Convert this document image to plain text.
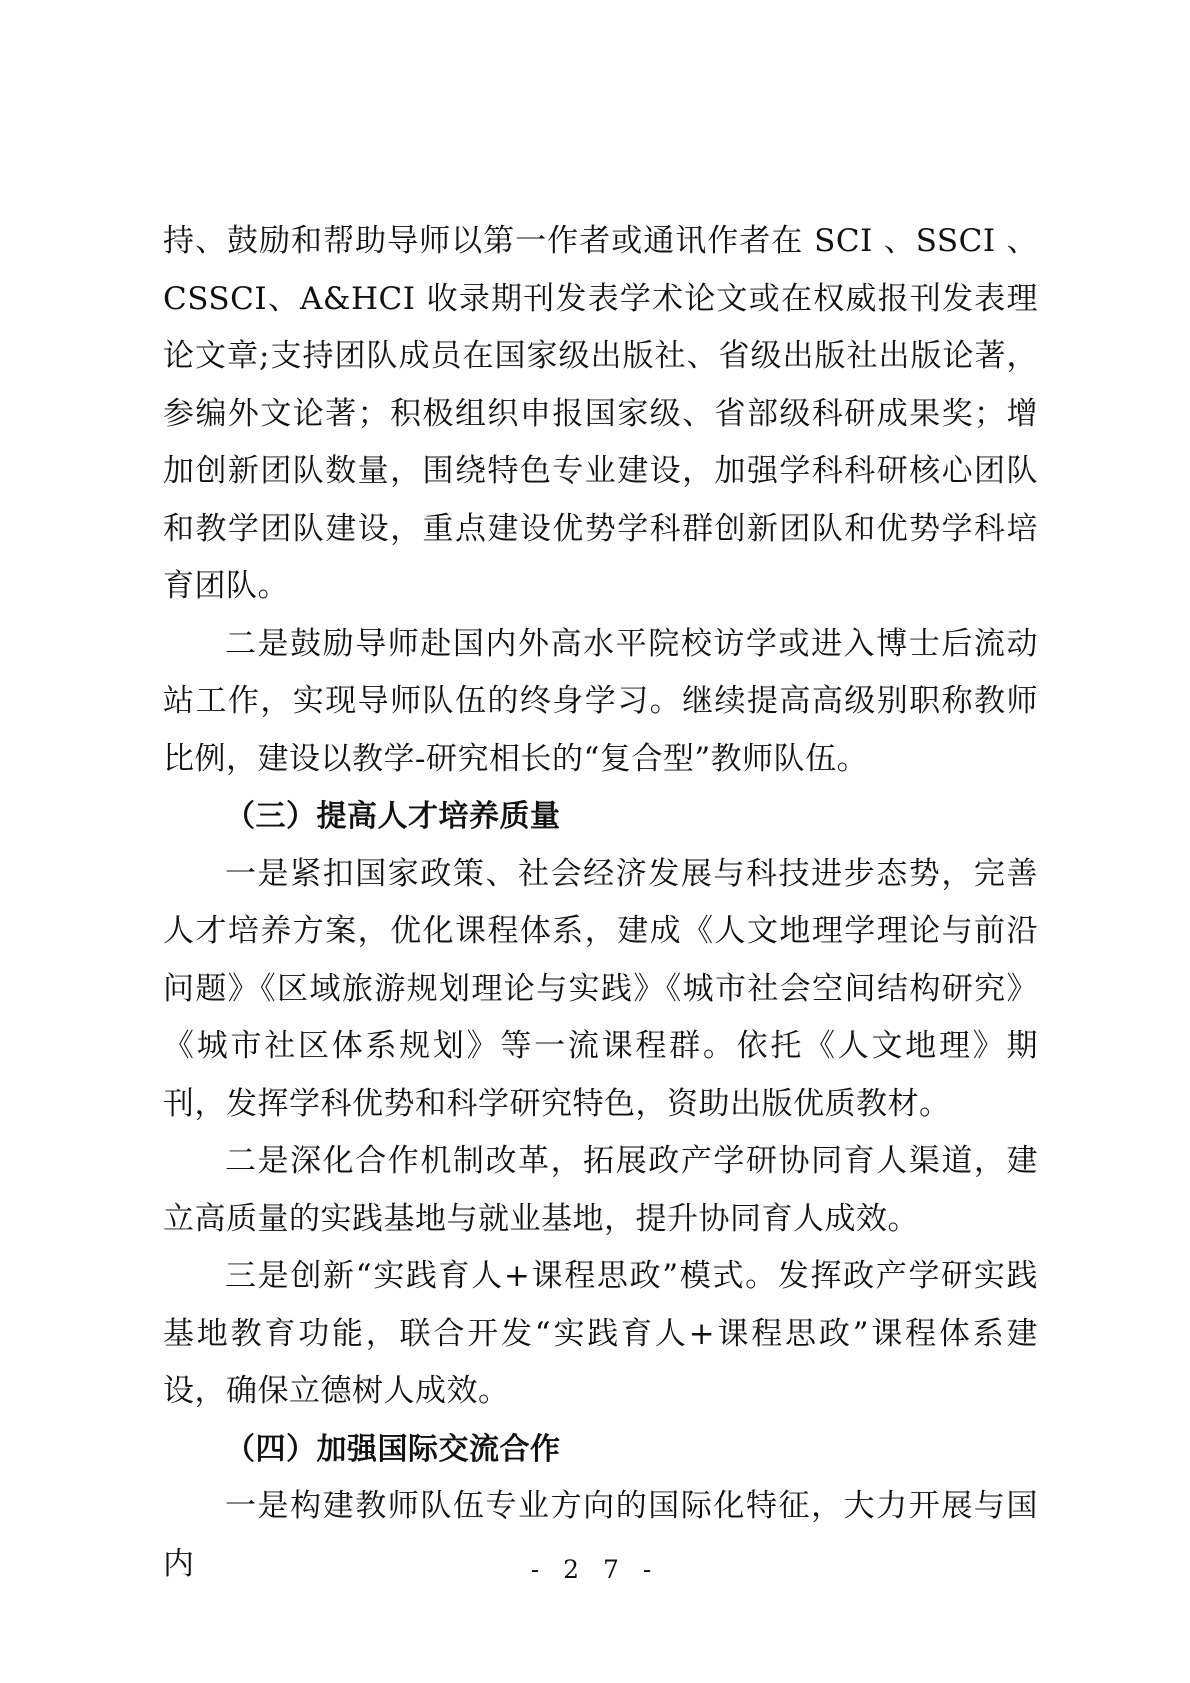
持、鼓励和帮助导师以第一作者或通讯作者在 SCI 、SSCI 、CSSCI、A&HCI 收录期刊发表学术论文或在权威报刊发表理论文章;支持团队成员在国家级出版社、省级出版社出版论著，参编外文论著；积极组织申报国家级、省部级科研成果奖；增加创新团队数量，围绕特色专业建设，加强学科科研核心团队和教学团队建设，重点建设优势学科群创新团队和优势学科培育团队。

二是鼓励导师赴国内外高水平院校访学或进入博士后流动站工作，实现导师队伍的终身学习。继续提高高级别职称教师比例，建设以教学-研究相长的“复合型”教师队伍。

（三）提高人才培养质量

一是紧扣国家政策、社会经济发展与科技进步态势，完善人才培养方案，优化课程体系，建成《人文地理学理论与前沿问题》《区域旅游规划理论与实践》《城市社会空间结构研究》《城市社区体系规划》等一流课程群。依托《人文地理》期刊，发挥学科优势和科学研究特色，资助出版优质教材。

二是深化合作机制改革，拓展政产学研协同育人渠道，建立高质量的实践基地与就业基地，提升协同育人成效。

三是创新“实践育人+课程思政”模式。发挥政产学研实践基地教育功能，联合开发“实践育人+课程思政”课程体系建设，确保立德树人成效。

（四）加强国际交流合作

一是构建教师队伍专业方向的国际化特征，大力开展与国内	- 2 7 -
